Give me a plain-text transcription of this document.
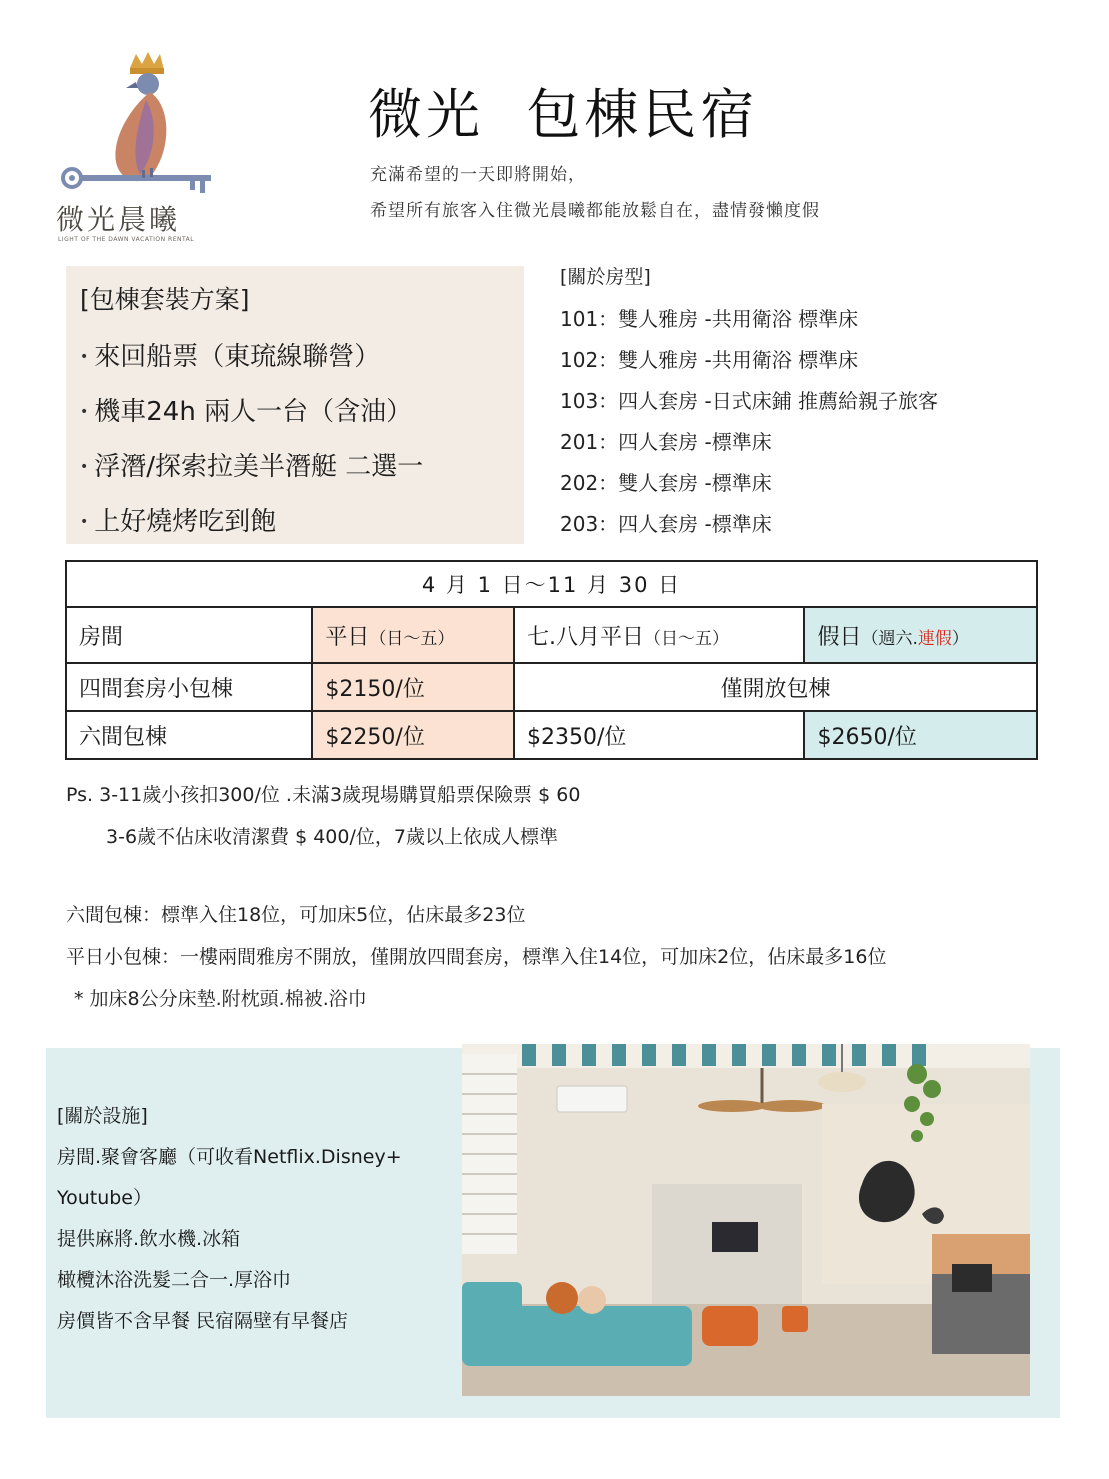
微光晨曦
LIGHT OF THE DAWN VACATION RENTAL
微光  包棟民宿
充滿希望的一天即將開始，
希望所有旅客入住微光晨曦都能放鬆自在，盡情發懶度假
[包棟套裝方案]
• 來回船票（東琉線聯營）
• 機車24h 兩人一台（含油）
• 浮潛/探索拉美半潛艇 二選一
• 上好燒烤吃到飽
[關於房型]
101：雙人雅房 -共用衛浴 標準床
102：雙人雅房 -共用衛浴 標準床
103：四人套房 -日式床鋪 推薦給親子旅客
201：四人套房 -標準床
202：雙人套房 -標準床
203：四人套房 -標準床
4 月 1 日～11 月 30 日			
房間	平日（日～五）	七.八月平日（日～五）	假日（週六.連假）
四間套房小包棟	$2150/位	僅開放包棟	
六間包棟	$2250/位	$2350/位	$2650/位
Ps. 3-11歲小孩扣300/位 .未滿3歲現場購買船票保險票 $ 60
3-6歲不佔床收清潔費 $ 400/位，7歲以上依成人標準
六間包棟：標準入住18位，可加床5位，佔床最多23位
平日小包棟：一樓兩間雅房不開放，僅開放四間套房，標準入住14位，可加床2位，佔床最多16位
* 加床8公分床墊.附枕頭.棉被.浴巾
[關於設施]
房間.聚會客廳（可收看Netflix.Disney+
Youtube）
提供麻將.飲水機.冰箱
橄欖沐浴洗髮二合一.厚浴巾
房價皆不含早餐 民宿隔壁有早餐店
